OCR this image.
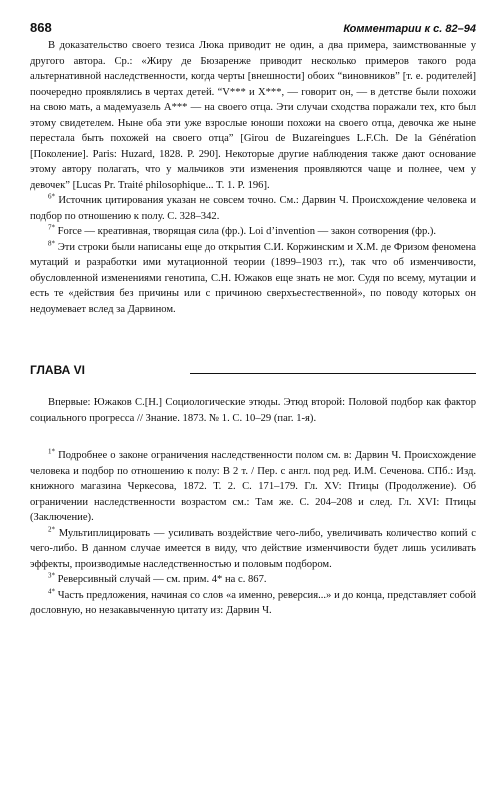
868	Комментарии к с. 82–94

В доказательство своего тезиса Люка приводит не один, а два примера, заимствованные у другого автора. Ср.: «Жиру де Бюзаренже приводит несколько примеров такого рода альтернативной наследственности, когда черты [внешности] обоих “виновников” [т. е. родителей] поочередно проявлялись в чертах детей. “V*** и X***, — говорит он, — в детстве были похожи на свою мать, а мадемуазель A*** — на своего отца. Эти случаи сходства поражали тех, кто был этому свидетелем. Ныне оба эти уже взрослые юноши похожи на своего отца, девочка же ныне перестала быть похожей на своего отца” [Girou de Buzareingues L.F.Ch. De la Génération [Поколение]. Paris: Huzard, 1828. P. 290]. Некоторые другие наблюдения также дают основание этому автору полагать, что у мальчиков эти изменения проявляются чаще и полнее, чем у девочек” [Lucas Pr. Traité philosophique... T. 1. P. 196].

$^{6*}$ Источник цитирования указан не совсем точно. См.: Дарвин Ч. Происхождение человека и подбор по отношению к полу. С. 328–342.

$^{7*}$ Force — креативная, творящая сила (фр.). Loi d’invention — закон сотворения (фр.).

$^{8*}$ Эти строки были написаны еще до открытия С.И. Коржинским и Х.М. де Фризом феномена мутаций и разработки ими мутационной теории (1899–1903 гг.), так что об изменчивости, обусловленной изменениями генотипа, С.Н. Южаков еще знать не мог. Судя по всему, мутации и есть те «действия без причины или с причиною сверхъестественной», по поводу которых он недоумевает вслед за Дарвином.

ГЛАВА VI

Впервые: Южаков С.[Н.] Социологические этюды. Этюд второй: Половой подбор как фактор социального прогресса // Знание. 1873. № 1. С. 10–29 (паг. 1-я).

$^{1*}$ Подробнее о законе ограничения наследственности полом см. в: Дарвин Ч. Происхождение человека и подбор по отношению к полу: В 2 т. / Пер. с англ. под ред. И.М. Сеченова. СПб.: Изд. книжного магазина Черкесова, 1872. Т. 2. С. 171–179. Гл. XV: Птицы (Продолжение). Об ограничении наследственности возрастом см.: Там же. С. 204–208 и след. Гл. XVI: Птицы (Заключение).

$^{2*}$ Мультиплицировать — усиливать воздействие чего-либо, увеличивать количество копий с чего-либо. В данном случае имеется в виду, что действие изменчивости будет лишь усиливать эффекты, производимые наследственностью и половым подбором.

$^{3*}$ Реверсивный случай — см. прим. 4* на с. 867.

$^{4*}$ Часть предложения, начиная со слов «а именно, реверсия...» и до конца, представляет собой дословную, но незакавыченную цитату из: Дарвин Ч.
